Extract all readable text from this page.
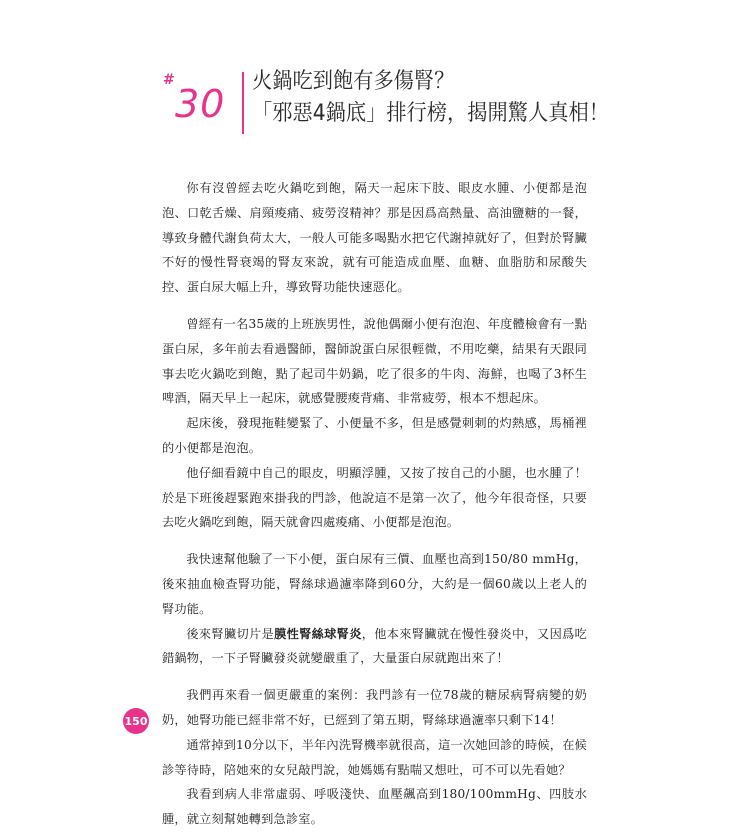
#
30
火鍋吃到飽有多傷腎？
「邪惡4鍋底」排行榜，揭開驚人真相！

你有沒曾經去吃火鍋吃到飽，隔天一起床下肢、眼皮水腫、小便都是泡泡、口乾舌燥、肩頸痠痛、疲勞沒精神？那是因爲高熱量、高油鹽糖的一餐，導致身體代謝負荷太大，一般人可能多喝點水把它代謝掉就好了，但對於腎臟不好的慢性腎衰竭的腎友來說，就有可能造成血壓、血糖、血脂肪和尿酸失控、蛋白尿大幅上升，導致腎功能快速惡化。

曾經有一名35歲的上班族男性，說他偶爾小便有泡泡、年度體檢會有一點蛋白尿，多年前去看過醫師，醫師說蛋白尿很輕微，不用吃藥，結果有天跟同事去吃火鍋吃到飽，點了起司牛奶鍋，吃了很多的牛肉、海鮮，也喝了3杯生啤酒，隔天早上一起床，就感覺腰痠背痛、非常疲勞，根本不想起床。

起床後，發現拖鞋變緊了、小便量不多，但是感覺刺刺的灼熱感，馬桶裡的小便都是泡泡。

他仔細看鏡中自己的眼皮，明顯浮腫，又按了按自己的小腿，也水腫了！於是下班後趕緊跑來掛我的門診，他說這不是第一次了，他今年很奇怪，只要去吃火鍋吃到飽，隔天就會四處痠痛、小便都是泡泡。

我快速幫他驗了一下小便，蛋白尿有三價、血壓也高到150/80 mmHg，後來抽血檢查腎功能，腎絲球過濾率降到60分，大約是一個60歲以上老人的腎功能。

後來腎臟切片是膜性腎絲球腎炎，他本來腎臟就在慢性發炎中，又因爲吃錯鍋物，一下子腎臟發炎就變嚴重了，大量蛋白尿就跑出來了！

我們再來看一個更嚴重的案例：我門診有一位78歲的糖尿病腎病變的奶奶，她腎功能已經非常不好，已經到了第五期，腎絲球過濾率只剩下14！

通常掉到10分以下，半年內洗腎機率就很高，這一次她回診的時候，在候診等待時，陪她來的女兒敲門說，她媽媽有點喘又想吐，可不可以先看她？

我看到病人非常虛弱、呼吸淺快、血壓飆高到180/100mmHg、四肢水腫，就立刻幫她轉到急診室。

150
